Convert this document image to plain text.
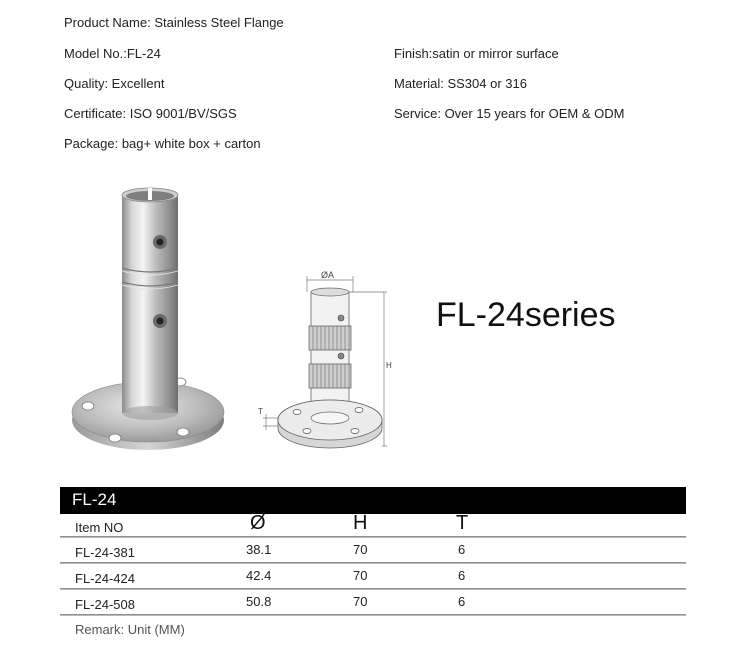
Product Name: Stainless Steel Flange
Model No.:FL-24	Finish:satin or mirror surface
Quality: Excellent	Material: SS304 or 316
Certificate: ISO 9001/BV/SGS	Service: Over 15 years for OEM & ODM
Package: bag+ white box + carton
ØA
H
T
FL-24series
FL-24
Item NO	Ø	H	T
FL-24-381	38.1	70	6
FL-24-424	42.4	70	6
FL-24-508	50.8	70	6
Remark: Unit (MM)
